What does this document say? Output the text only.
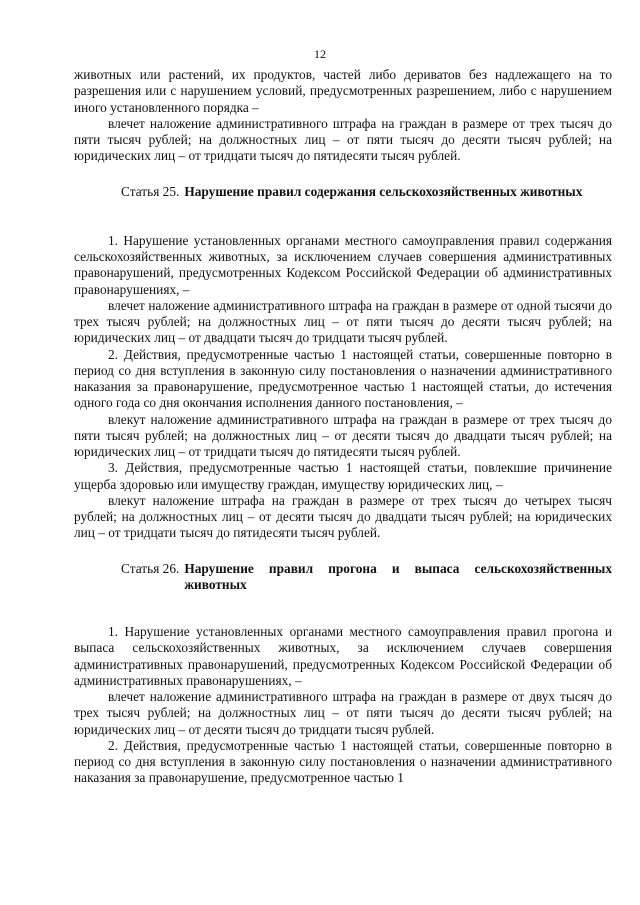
12

животных или растений, их продуктов, частей либо дериватов без надлежащего на то разрешения или с нарушением условий, предусмотренных разрешением, либо с нарушением иного установленного порядка –

влечет наложение административного штрафа на граждан в размере от трех тысяч до пяти тысяч рублей; на должностных лиц – от пяти тысяч до десяти тысяч рублей; на юридических лиц – от тридцати тысяч до пятидесяти тысяч рублей.

Статья 25. Нарушение правил содержания сельскохозяйственных животных

1. Нарушение установленных органами местного самоуправления правил содержания сельскохозяйственных животных, за исключением случаев совершения административных правонарушений, предусмотренных Кодексом Российской Федерации об административных правонарушениях, –

влечет наложение административного штрафа на граждан в размере от одной тысячи до трех тысяч рублей; на должностных лиц – от пяти тысяч до десяти тысяч рублей; на юридических лиц – от двадцати тысяч до тридцати тысяч рублей.

2. Действия, предусмотренные частью 1 настоящей статьи, совершенные повторно в период со дня вступления в законную силу постановления о назначении административного наказания за правонарушение, предусмотренное частью 1 настоящей статьи, до истечения одного года со дня окончания исполнения данного постановления, –

влекут наложение административного штрафа на граждан в размере от трех тысяч до пяти тысяч рублей; на должностных лиц – от десяти тысяч до двадцати тысяч рублей; на юридических лиц – от тридцати тысяч до пятидесяти тысяч рублей.

3. Действия, предусмотренные частью 1 настоящей статьи, повлекшие причинение ущерба здоровью или имуществу граждан, имуществу юридических лиц, –

влекут наложение штрафа на граждан в размере от трех тысяч до четырех тысяч рублей; на должностных лиц – от десяти тысяч до двадцати тысяч рублей; на юридических лиц – от тридцати тысяч до пятидесяти тысяч рублей.

Статья 26. Нарушение правил прогона и выпаса сельскохозяйственных животных

1. Нарушение установленных органами местного самоуправления правил прогона и выпаса сельскохозяйственных животных, за исключением случаев совершения административных правонарушений, предусмотренных Кодексом Российской Федерации об административных правонарушениях, –

влечет наложение административного штрафа на граждан в размере от двух тысяч до трех тысяч рублей; на должностных лиц – от пяти тысяч до десяти тысяч рублей; на юридических лиц – от десяти тысяч до тридцати тысяч рублей.

2. Действия, предусмотренные частью 1 настоящей статьи, совершенные повторно в период со дня вступления в законную силу постановления о назначении административного наказания за правонарушение, предусмотренное частью 1
